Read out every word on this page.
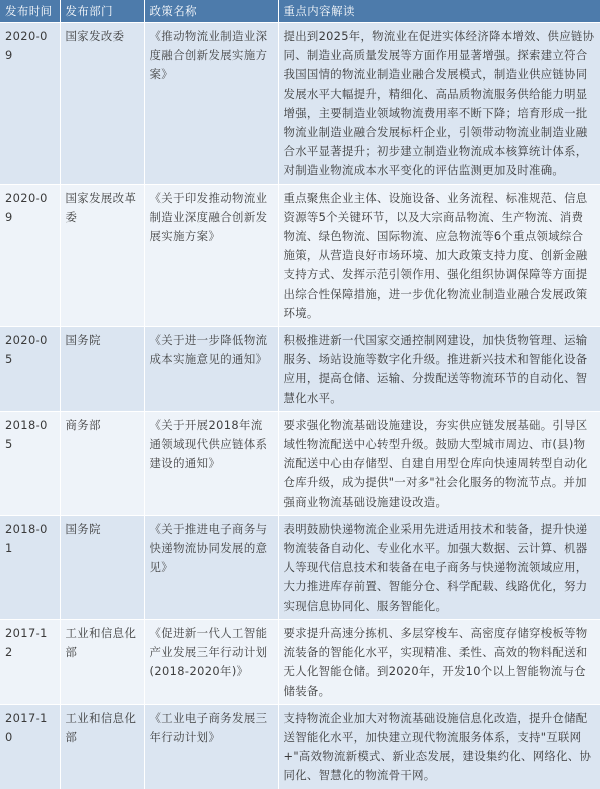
发布时间	发布部门	政策名称	重点内容解读
2020-09	国家发改委	《推动物流业制造业深度融合创新发展实施方案》	提出到2025年，物流业在促进实体经济降本增效、供应链协同、制造业高质量发展等方面作用显著增强。探索建立符合我国国情的物流业制造业融合发展模式，制造业供应链协同发展水平大幅提升，精细化、高品质物流服务供给能力明显增强，主要制造业领域物流费用率不断下降；培育形成一批物流业制造业融合发展标杆企业，引领带动物流业制造业融合水平显著提升；初步建立制造业物流成本核算统计体系，对制造业物流成本水平变化的评估监测更加及时准确。
2020-09	国家发展改革委	《关于印发推动物流业制造业深度融合创新发展实施方案》	重点聚焦企业主体、设施设备、业务流程、标准规范、信息资源等5个关键环节，以及大宗商品物流、生产物流、消费物流、绿色物流、国际物流、应急物流等6个重点领域综合施策，从营造良好市场环境、加大政策支持力度、创新金融支持方式、发挥示范引领作用、强化组织协调保障等方面提出综合性保障措施，进一步优化物流业制造业融合发展政策环境。
2020-05	国务院	《关于进一步降低物流成本实施意见的通知》	积极推进新一代国家交通控制网建设，加快货物管理、运输服务、场站设施等数字化升级。推进新兴技术和智能化设备应用，提高仓储、运输、分拨配送等物流环节的自动化、智慧化水平。
2018-05	商务部	《关于开展2018年流通领域现代供应链体系建设的通知》	要求强化物流基础设施建设，夯实供应链发展基础。引导区域性物流配送中心转型升级。鼓励大型城市周边、市(县)物流配送中心由存储型、自建自用型仓库向快速周转型自动化仓库升级，成为提供"一对多"社会化服务的物流节点。并加强商业物流基础设施建设改造。
2018-01	国务院	《关于推进电子商务与快递物流协同发展的意见》	表明鼓励快递物流企业采用先进适用技术和装备，提升快递物流装备自动化、专业化水平。加强大数据、云计算、机器人等现代信息技术和装备在电子商务与快递物流领域应用，大力推进库存前置、智能分仓、科学配载、线路优化，努力实现信息协同化、服务智能化。
2017-12	工业和信息化部	《促进新一代人工智能产业发展三年行动计划(2018-2020年)》	要求提升高速分拣机、多层穿梭车、高密度存储穿梭板等物流装备的智能化水平，实现精准、柔性、高效的物料配送和无人化智能仓储。到2020年，开发10个以上智能物流与仓储装备。
2017-10	工业和信息化部	《工业电子商务发展三年行动计划》	支持物流企业加大对物流基础设施信息化改造，提升仓储配送智能化水平，加快建立现代物流服务体系，支持"互联网+"高效物流新模式、新业态发展，建设集约化、网络化、协同化、智慧化的物流骨干网。
